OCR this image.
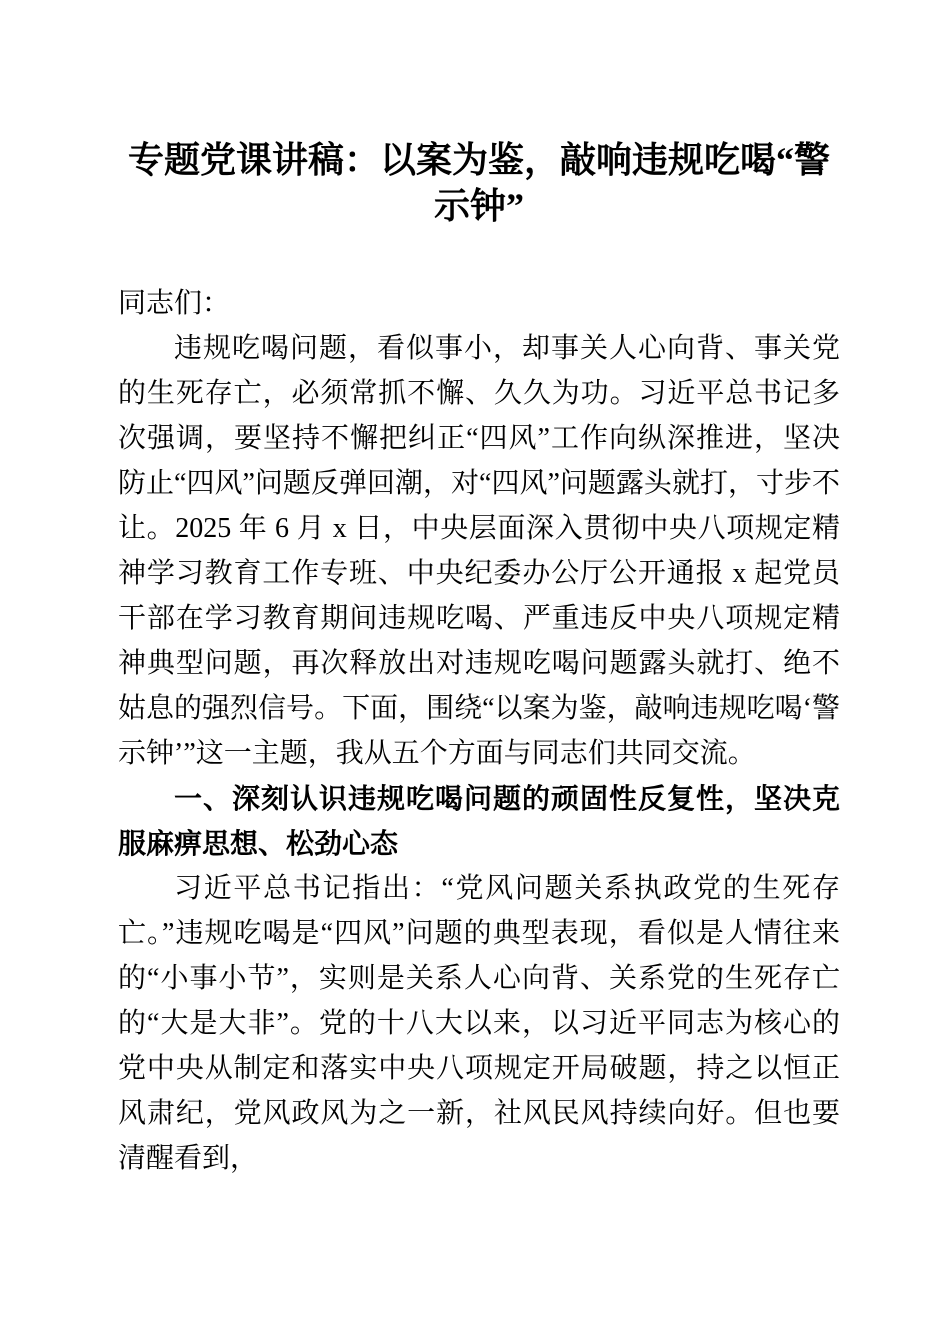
专题党课讲稿：以案为鉴，敲响违规吃喝“警示钟”

同志们：

违规吃喝问题，看似事小，却事关人心向背、事关党的生死存亡，必须常抓不懈、久久为功。习近平总书记多次强调，要坚持不懈把纠正“四风”工作向纵深推进，坚决防止“四风”问题反弹回潮，对“四风”问题露头就打，寸步不让。2025 年 6 月 x 日，中央层面深入贯彻中央八项规定精神学习教育工作专班、中央纪委办公厅公开通报 x 起党员干部在学习教育期间违规吃喝、严重违反中央八项规定精神典型问题，再次释放出对违规吃喝问题露头就打、绝不姑息的强烈信号。下面，围绕“以案为鉴，敲响违规吃喝‘警示钟’”这一主题，我从五个方面与同志们共同交流。

一、深刻认识违规吃喝问题的顽固性反复性，坚决克服麻痹思想、松劲心态

习近平总书记指出：“党风问题关系执政党的生死存亡。”违规吃喝是“四风”问题的典型表现，看似是人情往来的“小事小节”，实则是关系人心向背、关系党的生死存亡的“大是大非”。党的十八大以来，以习近平同志为核心的党中央从制定和落实中央八项规定开局破题，持之以恒正风肃纪，党风政风为之一新，社风民风持续向好。但也要清醒看到，
